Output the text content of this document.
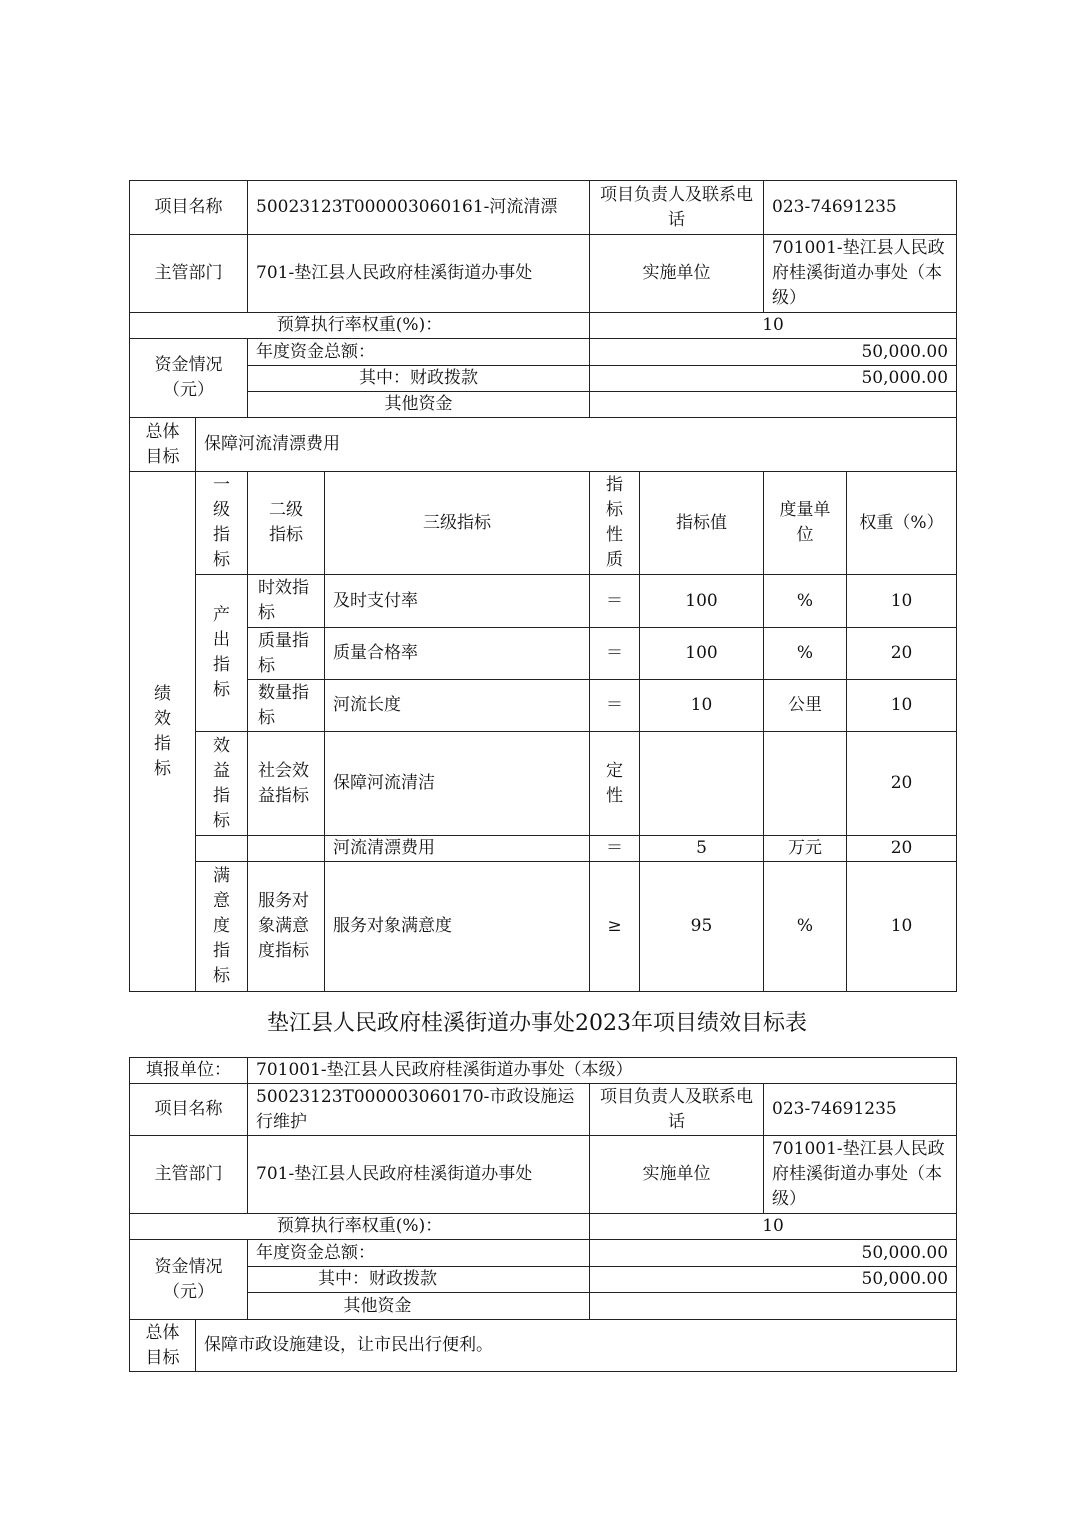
项目名称		50023123T000003060161-河流清漂		项目负责人及联系电话		023-74691235	
主管部门		701-垫江县人民政府桂溪街道办事处		实施单位		701001-垫江县人民政府桂溪街道办事处（本级）	
预算执行率权重(%)：				10			
资金情况（元）		年度资金总额：		50,000.00			
		其中：财政拨款		50,000.00			
		其他资金					
总体目标	保障河流清漂费用						
绩效指标	一级指标	二级指标	三级指标	指标性质	指标值	度量单位	权重（%）
	产出指标	时效指标	及时支付率	＝	100	%	10
		质量指标	质量合格率	＝	100	%	20
		数量指标	河流长度	＝	10	公里	10
	效益指标	社会效益指标	保障河流清洁	定性			20
			河流清漂费用	＝	5	万元	20
	满意度指标	服务对象满意度指标	服务对象满意度	≥	95	%	10
垫江县人民政府桂溪街道办事处2023年项目绩效目标表
填报单位：		701001-垫江县人民政府桂溪街道办事处（本级）		
项目名称		50023123T000003060170-市政设施运行维护	项目负责人及联系电话	023-74691235
主管部门		701-垫江县人民政府桂溪街道办事处	实施单位	701001-垫江县人民政府桂溪街道办事处（本级）
预算执行率权重(%)：			10	
资金情况（元）		年度资金总额：	50,000.00	
		其中：财政拨款	50,000.00	
		其他资金		
总体目标	保障市政设施建设，让市民出行便利。			
